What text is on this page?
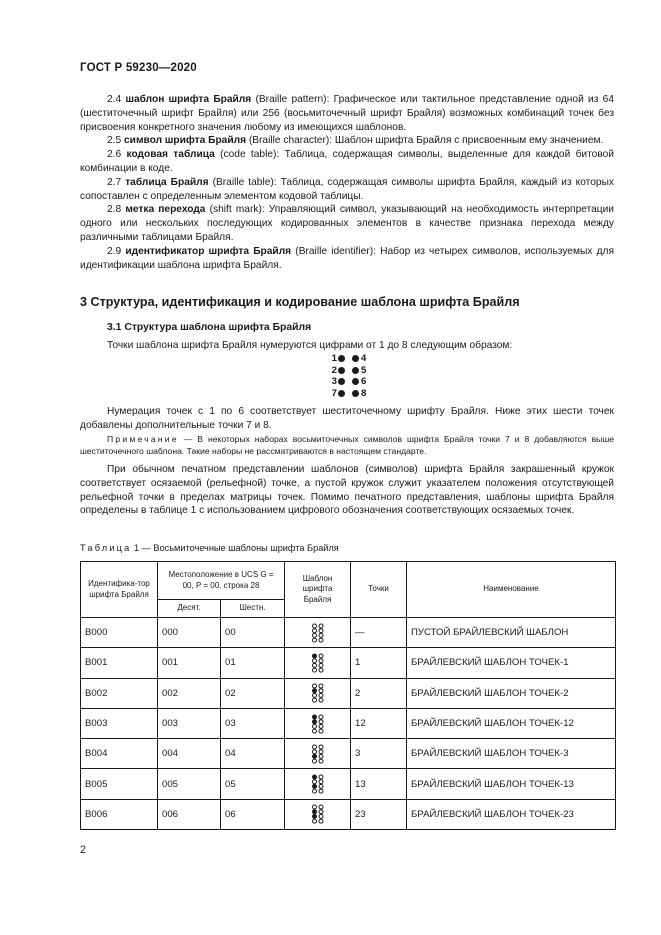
ГОСТ Р 59230—2020

2.4 шаблон шрифта Брайля (Braille pattern): Графическое или тактильное представление одной из 64 (шеститочечный шрифт Брайля) или 256 (восьмиточечный шрифт Брайля) возможных комбинаций точек без присвоения конкретного значения любому из имеющихся шаблонов.

2.5 символ шрифта Брайля (Braille character): Шаблон шрифта Брайля с присвоенным ему значением.

2.6 кодовая таблица (code table): Таблица, содержащая символы, выделенные для каждой битовой комбинации в коде.

2.7 таблица Брайля (Braille table): Таблица, содержащая символы шрифта Брайля, каждый из которых сопоставлен с определенным элементом кодовой таблицы.

2.8 метка перехода (shift mark): Управляющий символ, указывающий на необходимость интерпретации одного или нескольких последующих кодированных элементов в качестве признака перехода между различными таблицами Брайля.

2.9 идентификатор шрифта Брайля (Braille identifier): Набор из четырех символов, используемых для идентификации шаблона шрифта Брайля.

3 Структура, идентификация и кодирование шаблона шрифта Брайля
3.1 Структура шаблона шрифта Брайля
Точки шаблона шрифта Брайля нумеруются цифрами от 1 до 8 следующим образом:
1	4
2	5
3	6
7	8

Нумерация точек с 1 по 6 соответствует шеститочечному шрифту Брайля. Ниже этих шести точек добавлены дополнительные точки 7 и 8.

Примечание — В некоторых наборах восьмиточечных символов шрифта Брайля точки 7 и 8 добавляются выше шеститочечного шаблона. Такие наборы не рассматриваются в настоящем стандарте.

При обычном печатном представлении шаблонов (символов) шрифта Брайля закрашенный кружок соответствует осязаемой (рельефной) точке, а пустой кружок служит указателем положения отсутствующей рельефной точки в пределах матрицы точек. Помимо печатного представления, шаблоны шрифта Брайля определены в таблице 1 с использованием цифрового обозначения соответствующих осязаемых точек.

Таблица 1 — Восьмиточечные шаблоны шрифта Брайля
Идентифика-тор шрифта Брайля	Местоположение в UCS G = 00, P = 00, строка 28		Шаблон шрифта Брайля	Точки	Наименование
	Десят.	Шестн.			
B000	000	00		—	ПУСТОЙ БРАЙЛЕВСКИЙ ШАБЛОН
B001	001	01		1	БРАЙЛЕВСКИЙ ШАБЛОН ТОЧЕК-1
B002	002	02		2	БРАЙЛЕВСКИЙ ШАБЛОН ТОЧЕК-2
B003	003	03		12	БРАЙЛЕВСКИЙ ШАБЛОН ТОЧЕК-12
B004	004	04		3	БРАЙЛЕВСКИЙ ШАБЛОН ТОЧЕК-3
B005	005	05		13	БРАЙЛЕВСКИЙ ШАБЛОН ТОЧЕК-13
B006	006	06		23	БРАЙЛЕВСКИЙ ШАБЛОН ТОЧЕК-23
2
